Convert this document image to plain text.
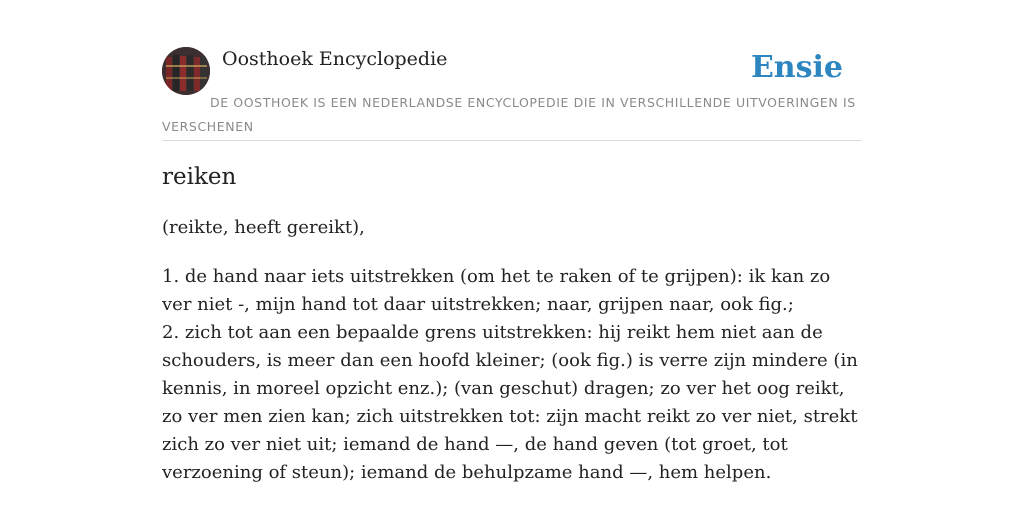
Oosthoek Encyclopedie	Ensie
DE OOSTHOEK IS EEN NEDERLANDSE ENCYCLOPEDIE DIE IN VERSCHILLENDE UITVOERINGEN IS VERSCHENEN
reiken
(reikte, heeft gereikt),

1. de hand naar iets uitstrekken (om het te raken of te grijpen): ik kan zo ver niet -, mijn hand tot daar uitstrekken; naar, grijpen naar, ook fig.;

2. zich tot aan een bepaalde grens uitstrekken: hij reikt hem niet aan de schouders, is meer dan een hoofd kleiner; (ook fig.) is verre zijn mindere (in kennis, in moreel opzicht enz.); (van geschut) dragen; zo ver het oog reikt, zo ver men zien kan; zich uitstrekken tot: zijn macht reikt zo ver niet, strekt zich zo ver niet uit; iemand de hand —, de hand geven (tot groet, tot verzoening of steun); iemand de behulpzame hand —, hem helpen.
